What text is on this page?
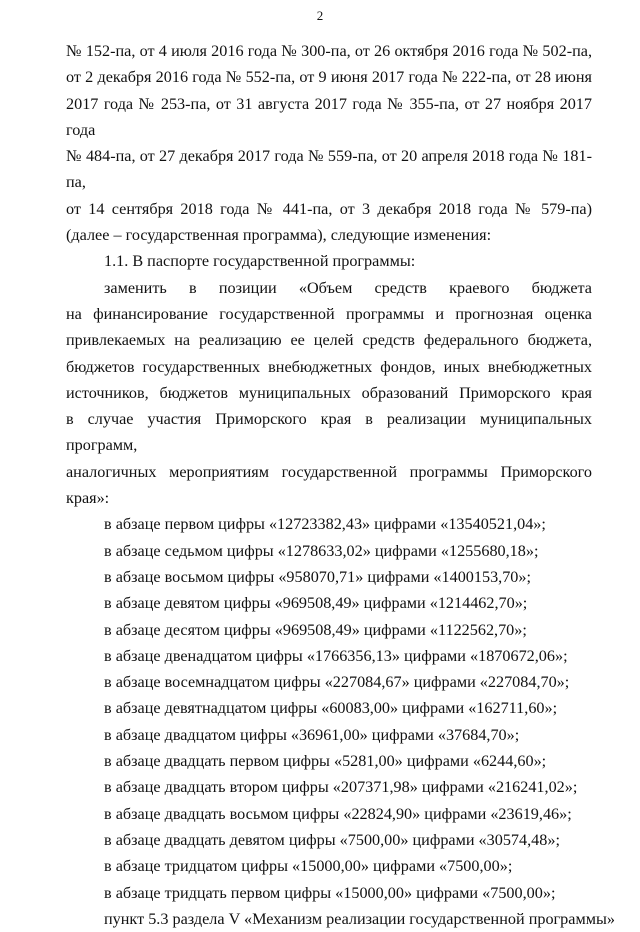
2
№ 152-па, от 4 июля 2016 года № 300-па, от 26 октября 2016 года № 502-па,
от 2 декабря 2016 года № 552-па, от 9 июня 2017 года № 222-па, от 28 июня
2017 года № 253-па, от 31 августа 2017 года № 355-па, от 27 ноября 2017 года
№ 484-па, от 27 декабря 2017 года № 559-па, от 20 апреля 2018 года № 181-па,
от 14 сентября 2018 года № 441-па, от 3 декабря 2018 года № 579-па)
(далее – государственная программа), следующие изменения:
1.1. В паспорте государственной программы:
заменить в позиции «Объем средств краевого бюджета
на финансирование государственной программы и прогнозная оценка
привлекаемых на реализацию ее целей средств федерального бюджета,
бюджетов государственных внебюджетных фондов, иных внебюджетных
источников, бюджетов муниципальных образований Приморского края
в случае участия Приморского края в реализации муниципальных программ,
аналогичных мероприятиям государственной программы Приморского края»:
в абзаце первом цифры «12723382,43» цифрами «13540521,04»;
в абзаце седьмом цифры «1278633,02» цифрами «1255680,18»;
в абзаце восьмом цифры «958070,71» цифрами «1400153,70»;
в абзаце девятом цифры «969508,49» цифрами «1214462,70»;
в абзаце десятом цифры «969508,49» цифрами «1122562,70»;
в абзаце двенадцатом цифры «1766356,13» цифрами «1870672,06»;
в абзаце восемнадцатом цифры «227084,67» цифрами «227084,70»;
в абзаце девятнадцатом цифры «60083,00» цифрами «162711,60»;
в абзаце двадцатом цифры «36961,00» цифрами «37684,70»;
в абзаце двадцать первом цифры «5281,00» цифрами «6244,60»;
в абзаце двадцать втором цифры «207371,98» цифрами «216241,02»;
в абзаце двадцать восьмом цифры «22824,90» цифрами «23619,46»;
в абзаце двадцать девятом цифры «7500,00» цифрами «30574,48»;
в абзаце тридцатом цифры «15000,00» цифрами «7500,00»;
в абзаце тридцать первом цифры «15000,00» цифрами «7500,00»;
пункт 5.3 раздела V «Механизм реализации государственной программы»
